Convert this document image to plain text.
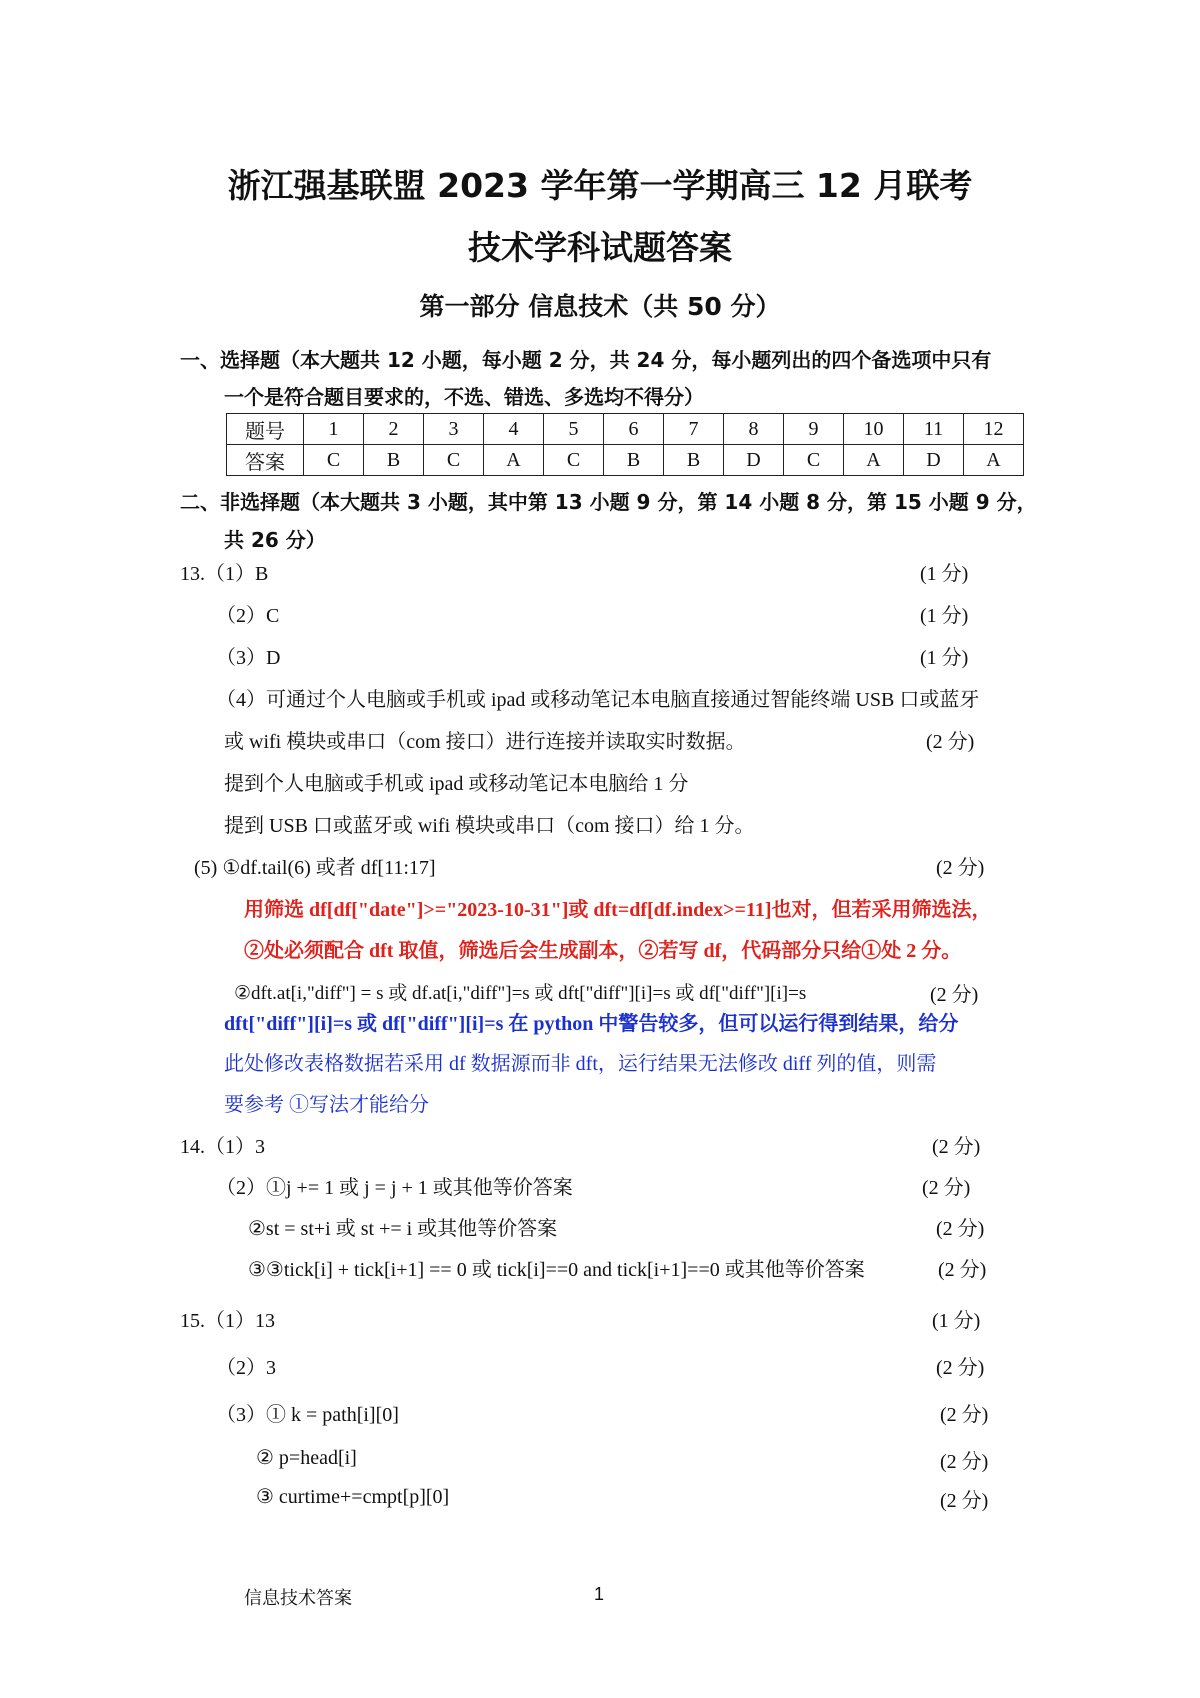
浙江强基联盟 2023 学年第一学期高三 12 月联考
技术学科试题答案
第一部分 信息技术（共 50 分）
一、选择题（本大题共 12 小题，每小题 2 分，共 24 分，每小题列出的四个备选项中只有
一个是符合题目要求的，不选、错选、多选均不得分）
题号	1	2	3	4	5	6	7	8	9	10	11	12
答案	C	B	C	A	C	B	B	D	C	A	D	A
二、非选择题（本大题共 3 小题，其中第 13 小题 9 分，第 14 小题 8 分，第 15 小题 9 分，
共 26 分）
13.（1）B	(1 分)
（2）C	(1 分)
（3）D	(1 分)
（4）可通过个人电脑或手机或 ipad 或移动笔记本电脑直接通过智能终端 USB 口或蓝牙
或 wifi 模块或串口（com 接口）进行连接并读取实时数据。	(2 分)
提到个人电脑或手机或 ipad 或移动笔记本电脑给 1 分
提到 USB 口或蓝牙或 wifi 模块或串口（com 接口）给 1 分。
(5) ①df.tail(6) 或者 df[11:17]	(2 分)
用筛选 df[df["date"]>="2023-10-31"]或 dft=df[df.index>=11]也对，但若采用筛选法，
②处必须配合 dft 取值，筛选后会生成副本，②若写 df，代码部分只给①处 2 分。
②dft.at[i,"diff"] = s 或 df.at[i,"diff"]=s 或 dft["diff"][i]=s 或 df["diff"][i]=s	(2 分)
dft["diff"][i]=s 或 df["diff"][i]=s 在 python 中警告较多，但可以运行得到结果，给分
此处修改表格数据若采用 df 数据源而非 dft，运行结果无法修改 diff 列的值，则需
要参考 ①写法才能给分
14.（1）3	(2 分)
（2）①j += 1 或 j = j + 1 或其他等价答案	(2 分)
②st = st+i 或 st += i 或其他等价答案	(2 分)
③③tick[i] + tick[i+1] == 0 或 tick[i]==0 and tick[i+1]==0 或其他等价答案	(2 分)
15.（1）13	(1 分)
（2）3	(2 分)
（3）① k = path[i][0]	(2 分)
② p=head[i]	(2 分)
③ curtime+=cmpt[p][0]	(2 分)
信息技术答案	1
